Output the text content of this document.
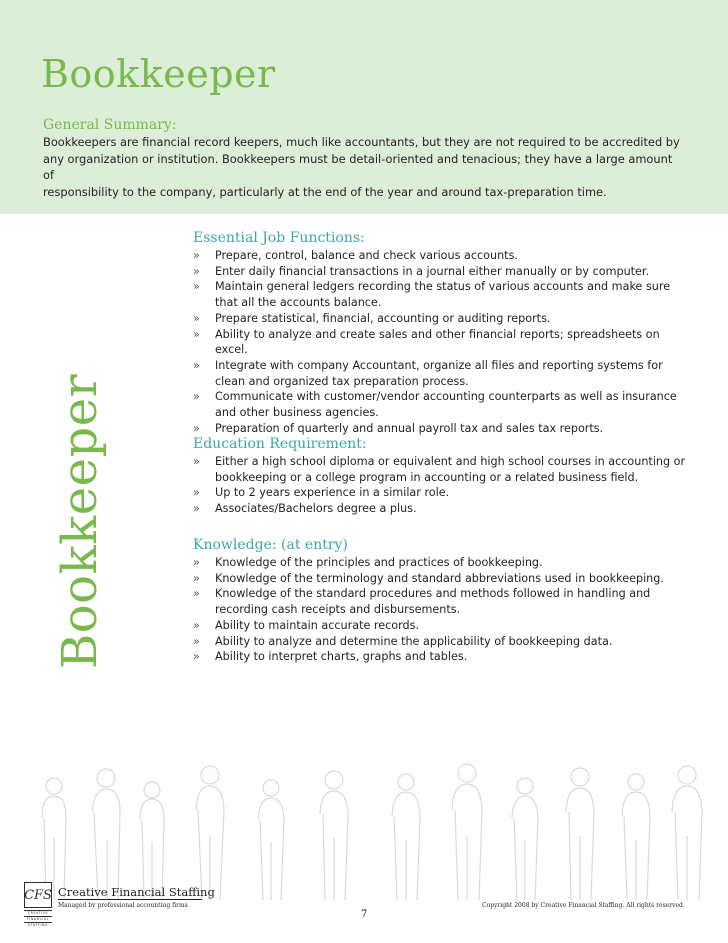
Bookkeeper
General Summary:
Bookkeepers are financial record keepers, much like accountants, but they are not required to be accredited by
any organization or institution. Bookkeepers must be detail-oriented and tenacious; they have a large amount of
responsibility to the company, particularly at the end of the year and around tax-preparation time.
Bookkeeper
Essential Job Functions:
» Prepare, control, balance and check various accounts.
» Enter daily financial transactions in a journal either manually or by computer.
» Maintain general ledgers recording the status of various accounts and make sure that all the accounts balance.
» Prepare statistical, financial, accounting or auditing reports.
» Ability to analyze and create sales and other financial reports; spreadsheets on excel.
» Integrate with company Accountant, organize all files and reporting systems for clean and organized tax preparation process.
» Communicate with customer/vendor accounting counterparts as well as insurance and other business agencies.
» Preparation of quarterly and annual payroll tax and sales tax reports.
Education Requirement:
» Either a high school diploma or equivalent and high school courses in accounting or bookkeeping or a college program in accounting or a related business field.
» Up to 2 years experience in a similar role.
» Associates/Bachelors degree a plus.
Knowledge: (at entry)
» Knowledge of the principles and practices of bookkeeping.
» Knowledge of the terminology and standard abbreviations used in bookkeeping.
» Knowledge of the standard procedures and methods followed in handling and recording cash receipts and disbursements.
» Ability to maintain accurate records.
» Ability to analyze and determine the applicability of bookkeeping data.
» Ability to interpret charts, graphs and tables.
CFS
CREATIVE
FINANCIAL
STAFFING
Creative Financial Staffing
Managed by professional accounting firms	Copyright 2008 by Creative Financial Staffing. All rights reserved.
7
